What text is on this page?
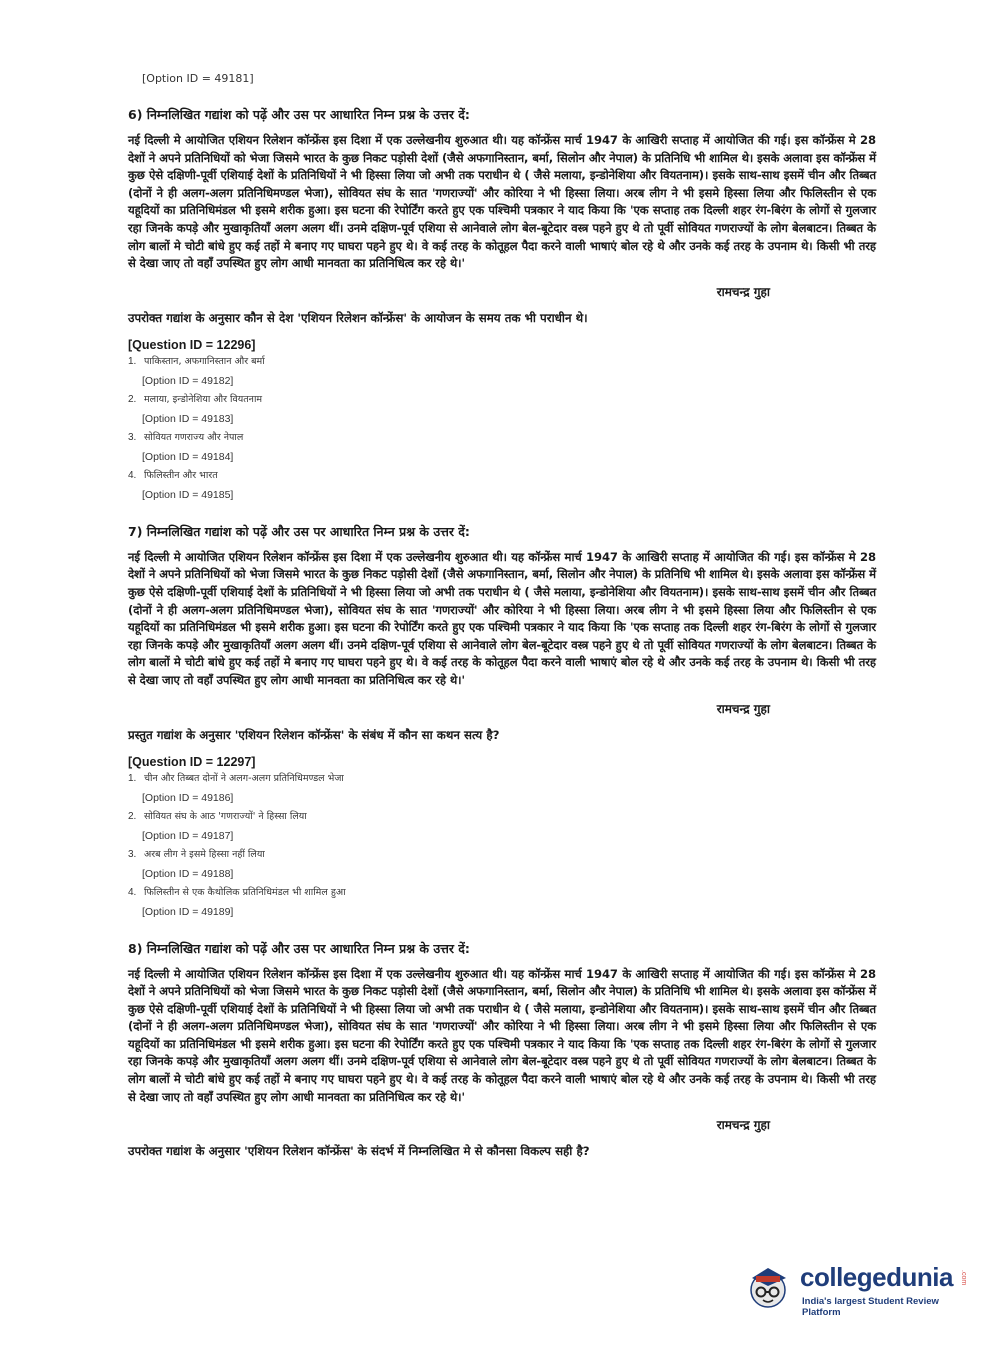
[Option ID = 49181]
6) निम्नलिखित गद्यांश को पढ़ें और उस पर आधारित निम्न प्रश्न के उत्तर दें:
नई दिल्ली मे आयोजित एशियन रिलेशन कॉन्फ्रेंस इस दिशा में एक उल्लेखनीय शुरुआत थी। यह कॉन्फ्रेंस मार्च 1947 के आखिरी सप्ताह में आयोजित की गई। इस कॉन्फ्रेंस मे 28 देशों ने अपने प्रतिनिधियों को भेजा जिसमे भारत के कुछ निकट पड़ोसी देशों (जैसे अफगानिस्तान, बर्मा, सिलोन और नेपाल) के प्रतिनिधि भी शामिल थे। इसके अलावा इस कॉन्फ्रेंस में कुछ ऐसे दक्षिणी-पूर्वी एशियाई देशों के प्रतिनिधियों ने भी हिस्सा लिया जो अभी तक पराधीन थे ( जैसे मलाया, इन्डोनेशिया और वियतनाम)। इसके साथ-साथ इसमें चीन और तिब्बत (दोनों ने ही अलग-अलग प्रतिनिधिमण्डल भेजा), सोवियत संघ के सात 'गणराज्यों' और कोरिया ने भी हिस्सा लिया। अरब लीग ने भी इसमे हिस्सा लिया और फिलिस्तीन से एक यहूदियों का प्रतिनिधिमंडल भी इसमे शरीक हुआ। इस घटना की रेपोर्टिंग करते हुए एक पश्चिमी पत्रकार ने याद किया कि 'एक सप्ताह तक दिल्ली शहर रंग-बिरंग के लोगों से गुलजार रहा जिनके कपड़े और मुखाकृतियाँ अलग अलग थीं। उनमे दक्षिण-पूर्व एशिया से आनेवाले लोग बेल-बूटेदार वस्त्र पहने हुए थे तो पूर्वी सोवियत गणराज्यों के लोग बेलबाटन। तिब्बत के लोग बालों मे चोटी बांधे हुए कई तहों मे बनाए गए घाघरा पहने हुए थे। वे कई तरह के कोतूहल पैदा करने वाली भाषाएं बोल रहे थे और उनके कई तरह के उपनाम थे। किसी भी तरह से देखा जाए तो वहाँ उपस्थित हुए लोग आधी मानवता का प्रतिनिधित्व कर रहे थे।'
रामचन्द्र गुहा
उपरोक्त गद्यांश के अनुसार कौन से देश 'एशियन रिलेशन कॉन्फ्रेंस' के आयोजन के समय तक भी पराधीन थे।
[Question ID = 12296]
1. पाकिस्तान, अफगानिस्तान और बर्मा
[Option ID = 49182]
2. मलाया, इन्डोनेशिया और वियतनाम
[Option ID = 49183]
3. सोवियत गणराज्य और नेपाल
[Option ID = 49184]
4. फिलिस्तीन और भारत
[Option ID = 49185]
7) निम्नलिखित गद्यांश को पढ़ें और उस पर आधारित निम्न प्रश्न के उत्तर दें:
नई दिल्ली मे आयोजित एशियन रिलेशन कॉन्फ्रेंस इस दिशा में एक उल्लेखनीय शुरुआत थी। यह कॉन्फ्रेंस मार्च 1947 के आखिरी सप्ताह में आयोजित की गई। इस कॉन्फ्रेंस मे 28 देशों ने अपने प्रतिनिधियों को भेजा जिसमे भारत के कुछ निकट पड़ोसी देशों (जैसे अफगानिस्तान, बर्मा, सिलोन और नेपाल) के प्रतिनिधि भी शामिल थे। इसके अलावा इस कॉन्फ्रेंस में कुछ ऐसे दक्षिणी-पूर्वी एशियाई देशों के प्रतिनिधियों ने भी हिस्सा लिया जो अभी तक पराधीन थे ( जैसे मलाया, इन्डोनेशिया और वियतनाम)। इसके साथ-साथ इसमें चीन और तिब्बत (दोनों ने ही अलग-अलग प्रतिनिधिमण्डल भेजा), सोवियत संघ के सात 'गणराज्यों' और कोरिया ने भी हिस्सा लिया। अरब लीग ने भी इसमे हिस्सा लिया और फिलिस्तीन से एक यहूदियों का प्रतिनिधिमंडल भी इसमे शरीक हुआ। इस घटना की रेपोर्टिंग करते हुए एक पश्चिमी पत्रकार ने याद किया कि 'एक सप्ताह तक दिल्ली शहर रंग-बिरंग के लोगों से गुलजार रहा जिनके कपड़े और मुखाकृतियाँ अलग अलग थीं। उनमे दक्षिण-पूर्व एशिया से आनेवाले लोग बेल-बूटेदार वस्त्र पहने हुए थे तो पूर्वी सोवियत गणराज्यों के लोग बेलबाटन। तिब्बत के लोग बालों मे चोटी बांधे हुए कई तहों मे बनाए गए घाघरा पहने हुए थे। वे कई तरह के कोतूहल पैदा करने वाली भाषाएं बोल रहे थे और उनके कई तरह के उपनाम थे। किसी भी तरह से देखा जाए तो वहाँ उपस्थित हुए लोग आधी मानवता का प्रतिनिधित्व कर रहे थे।'
रामचन्द्र गुहा
प्रस्तुत गद्यांश के अनुसार 'एशियन रिलेशन कॉन्फ्रेंस' के संबंध में कौन सा कथन सत्य है?
[Question ID = 12297]
1. चीन और तिब्बत दोनों ने अलग-अलग प्रतिनिधिमण्डल भेजा
[Option ID = 49186]
2. सोवियत संघ के आठ 'गणराज्यों' ने हिस्सा लिया
[Option ID = 49187]
3. अरब लीग ने इसमे हिस्सा नहीं लिया
[Option ID = 49188]
4. फिलिस्तीन से एक कैथोलिक प्रतिनिधिमंडल भी शामिल हुआ
[Option ID = 49189]
8) निम्नलिखित गद्यांश को पढ़ें और उस पर आधारित निम्न प्रश्न के उत्तर दें:
नई दिल्ली मे आयोजित एशियन रिलेशन कॉन्फ्रेंस इस दिशा में एक उल्लेखनीय शुरुआत थी। यह कॉन्फ्रेंस मार्च 1947 के आखिरी सप्ताह में आयोजित की गई। इस कॉन्फ्रेंस मे 28 देशों ने अपने प्रतिनिधियों को भेजा जिसमे भारत के कुछ निकट पड़ोसी देशों (जैसे अफगानिस्तान, बर्मा, सिलोन और नेपाल) के प्रतिनिधि भी शामिल थे। इसके अलावा इस कॉन्फ्रेंस में कुछ ऐसे दक्षिणी-पूर्वी एशियाई देशों के प्रतिनिधियों ने भी हिस्सा लिया जो अभी तक पराधीन थे ( जैसे मलाया, इन्डोनेशिया और वियतनाम)। इसके साथ-साथ इसमें चीन और तिब्बत (दोनों ने ही अलग-अलग प्रतिनिधिमण्डल भेजा), सोवियत संघ के सात 'गणराज्यों' और कोरिया ने भी हिस्सा लिया। अरब लीग ने भी इसमे हिस्सा लिया और फिलिस्तीन से एक यहूदियों का प्रतिनिधिमंडल भी इसमे शरीक हुआ। इस घटना की रेपोर्टिंग करते हुए एक पश्चिमी पत्रकार ने याद किया कि 'एक सप्ताह तक दिल्ली शहर रंग-बिरंग के लोगों से गुलजार रहा जिनके कपड़े और मुखाकृतियाँ अलग अलग थीं। उनमे दक्षिण-पूर्व एशिया से आनेवाले लोग बेल-बूटेदार वस्त्र पहने हुए थे तो पूर्वी सोवियत गणराज्यों के लोग बेलबाटन। तिब्बत के लोग बालों मे चोटी बांधे हुए कई तहों मे बनाए गए घाघरा पहने हुए थे। वे कई तरह के कोतूहल पैदा करने वाली भाषाएं बोल रहे थे और उनके कई तरह के उपनाम थे। किसी भी तरह से देखा जाए तो वहाँ उपस्थित हुए लोग आधी मानवता का प्रतिनिधित्व कर रहे थे।'
रामचन्द्र गुहा
उपरोक्त गद्यांश के अनुसार 'एशियन रिलेशन कॉन्फ्रेंस' के संदर्भ में निम्नलिखित मे से कौनसा विकल्प सही है?
collegedunia .com
India's largest Student Review Platform
